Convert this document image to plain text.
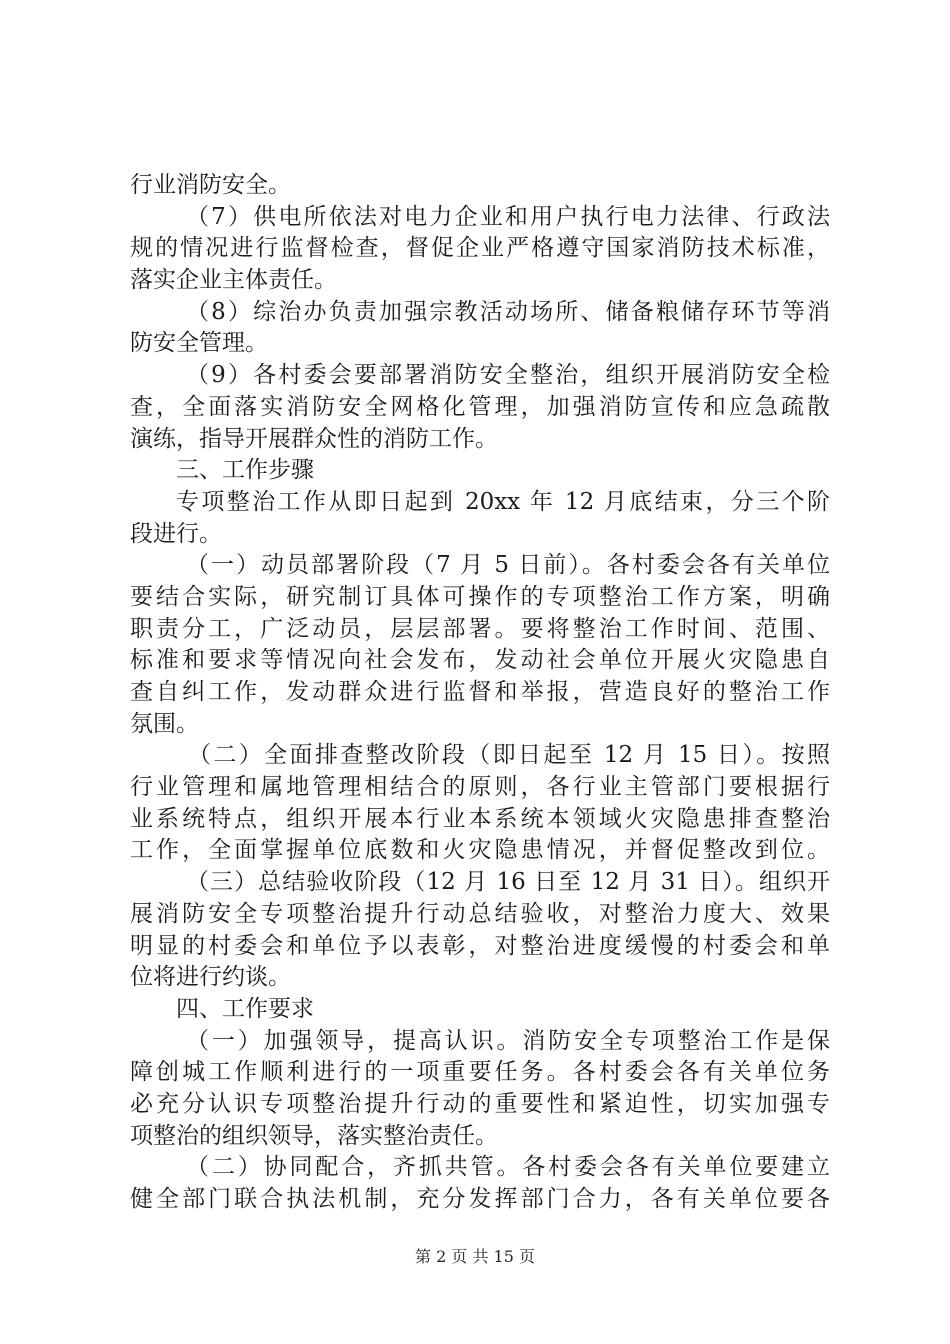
行业消防安全。
（7）供电所依法对电力企业和用户执行电力法律、行政法
规的情况进行监督检查，督促企业严格遵守国家消防技术标准，
落实企业主体责任。
（8）综治办负责加强宗教活动场所、储备粮储存环节等消
防安全管理。
（9）各村委会要部署消防安全整治，组织开展消防安全检
查，全面落实消防安全网格化管理，加强消防宣传和应急疏散
演练，指导开展群众性的消防工作。
三、工作步骤
专项整治工作从即日起到 20xx 年 12 月底结束，分三个阶
段进行。
（一）动员部署阶段（7 月 5 日前）。各村委会各有关单位
要结合实际，研究制订具体可操作的专项整治工作方案，明确
职责分工，广泛动员，层层部署。要将整治工作时间、范围、
标准和要求等情况向社会发布，发动社会单位开展火灾隐患自
查自纠工作，发动群众进行监督和举报，营造良好的整治工作
氛围。
（二）全面排查整改阶段（即日起至 12 月 15 日）。按照
行业管理和属地管理相结合的原则，各行业主管部门要根据行
业系统特点，组织开展本行业本系统本领域火灾隐患排查整治
工作，全面掌握单位底数和火灾隐患情况，并督促整改到位。
（三）总结验收阶段（12 月 16 日至 12 月 31 日）。组织开
展消防安全专项整治提升行动总结验收，对整治力度大、效果
明显的村委会和单位予以表彰，对整治进度缓慢的村委会和单
位将进行约谈。
四、工作要求
（一）加强领导，提高认识。消防安全专项整治工作是保
障创城工作顺利进行的一项重要任务。各村委会各有关单位务
必充分认识专项整治提升行动的重要性和紧迫性，切实加强专
项整治的组织领导，落实整治责任。
（二）协同配合，齐抓共管。各村委会各有关单位要建立
健全部门联合执法机制，充分发挥部门合力，各有关单位要各
第 2 页 共 15 页
